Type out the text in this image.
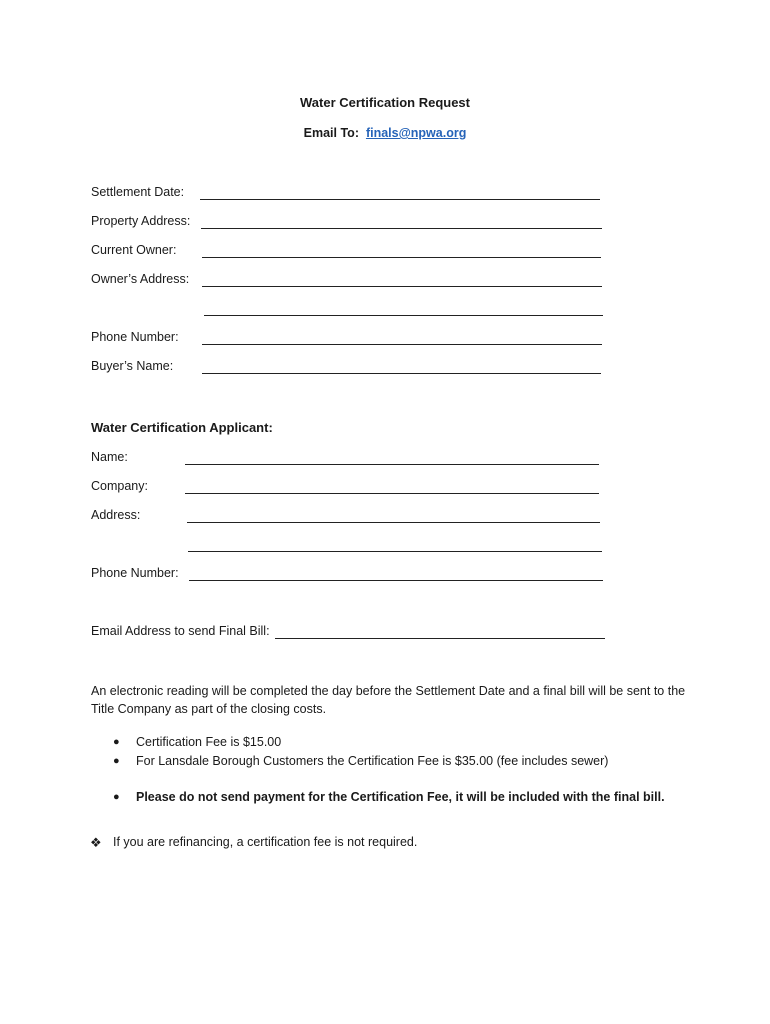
Water Certification Request
Email To: finals@npwa.org
Settlement Date:
Property Address:
Current Owner:
Owner’s Address:
Phone Number:
Buyer’s Name:
Water Certification Applicant:
Name:
Company:
Address:
Phone Number:
Email Address to send Final Bill:
An electronic reading will be completed the day before the Settlement Date and a final bill will be sent to the Title Company as part of the closing costs.
● Certification Fee is $15.00
● For Lansdale Borough Customers the Certification Fee is $35.00 (fee includes sewer)
● Please do not send payment for the Certification Fee, it will be included with the final bill.
❖ If you are refinancing, a certification fee is not required.
